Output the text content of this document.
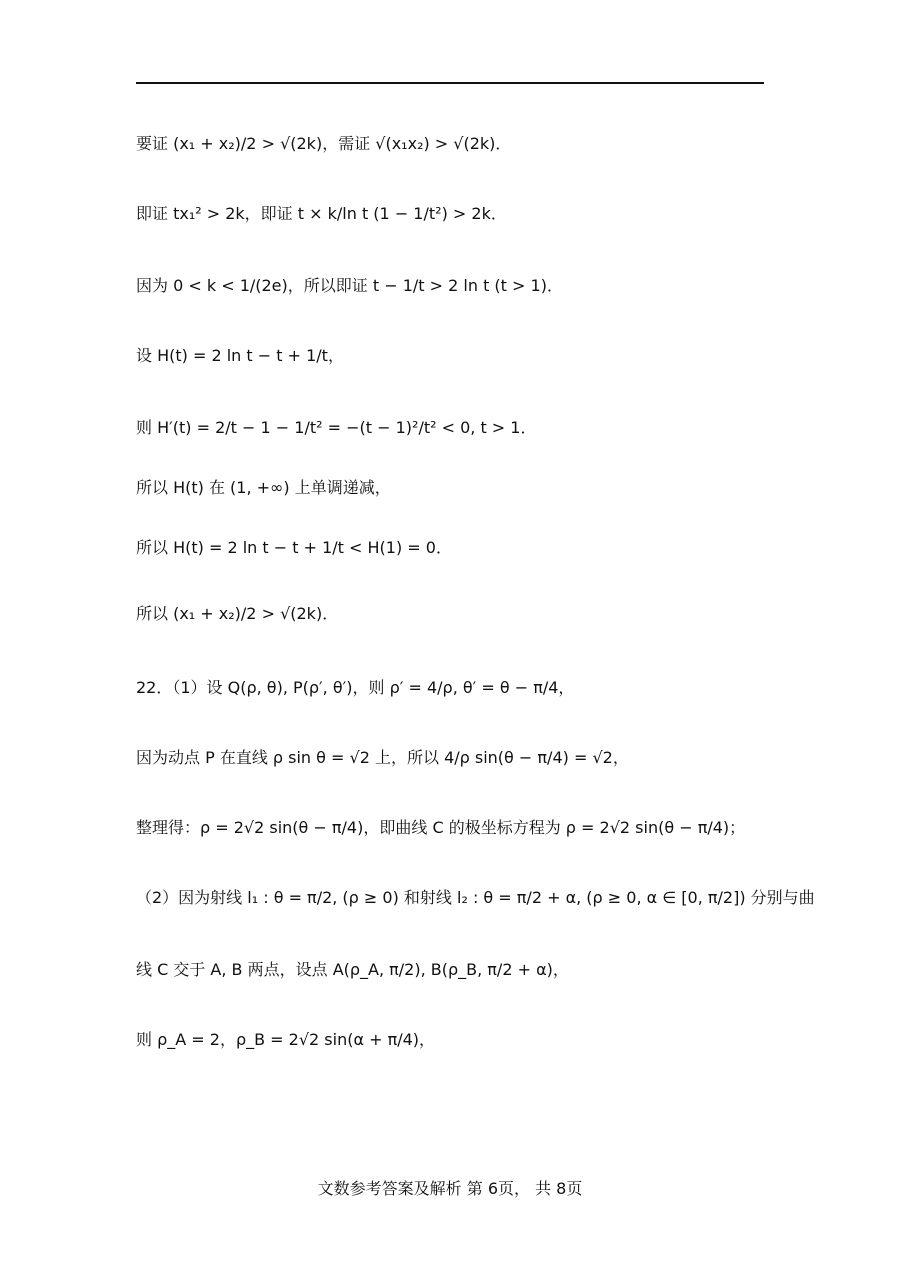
要证 (x₁ + x₂)/2 > √(2k)，需证 √(x₁x₂) > √(2k)．
即证 tx₁² > 2k，即证 t × k/ln t (1 − 1/t²) > 2k．
因为 0 < k < 1/(2e)，所以即证 t − 1/t > 2 ln t (t > 1)．
设 H(t) = 2 ln t − t + 1/t，
则 H′(t) = 2/t − 1 − 1/t² = −(t − 1)²/t² < 0, t > 1．
所以 H(t) 在 (1, +∞) 上单调递减，
所以 H(t) = 2 ln t − t + 1/t < H(1) = 0．
所以 (x₁ + x₂)/2 > √(2k)．
22．（1）设 Q(ρ, θ), P(ρ′, θ′)，则 ρ′ = 4/ρ, θ′ = θ − π/4，
因为动点 P 在直线 ρ sin θ = √2 上，所以 4/ρ sin(θ − π/4) = √2，
整理得：ρ = 2√2 sin(θ − π/4)，即曲线 C 的极坐标方程为 ρ = 2√2 sin(θ − π/4)；
（2）因为射线 l₁ : θ = π/2, (ρ ≥ 0) 和射线 l₂ : θ = π/2 + α, (ρ ≥ 0, α ∈ [0, π/2]) 分别与曲
线 C 交于 A, B 两点，设点 A(ρ_A, π/2), B(ρ_B, π/2 + α)，
则 ρ_A = 2，ρ_B = 2√2 sin(α + π/4)，
文数参考答案及解析 第 6页， 共 8页
